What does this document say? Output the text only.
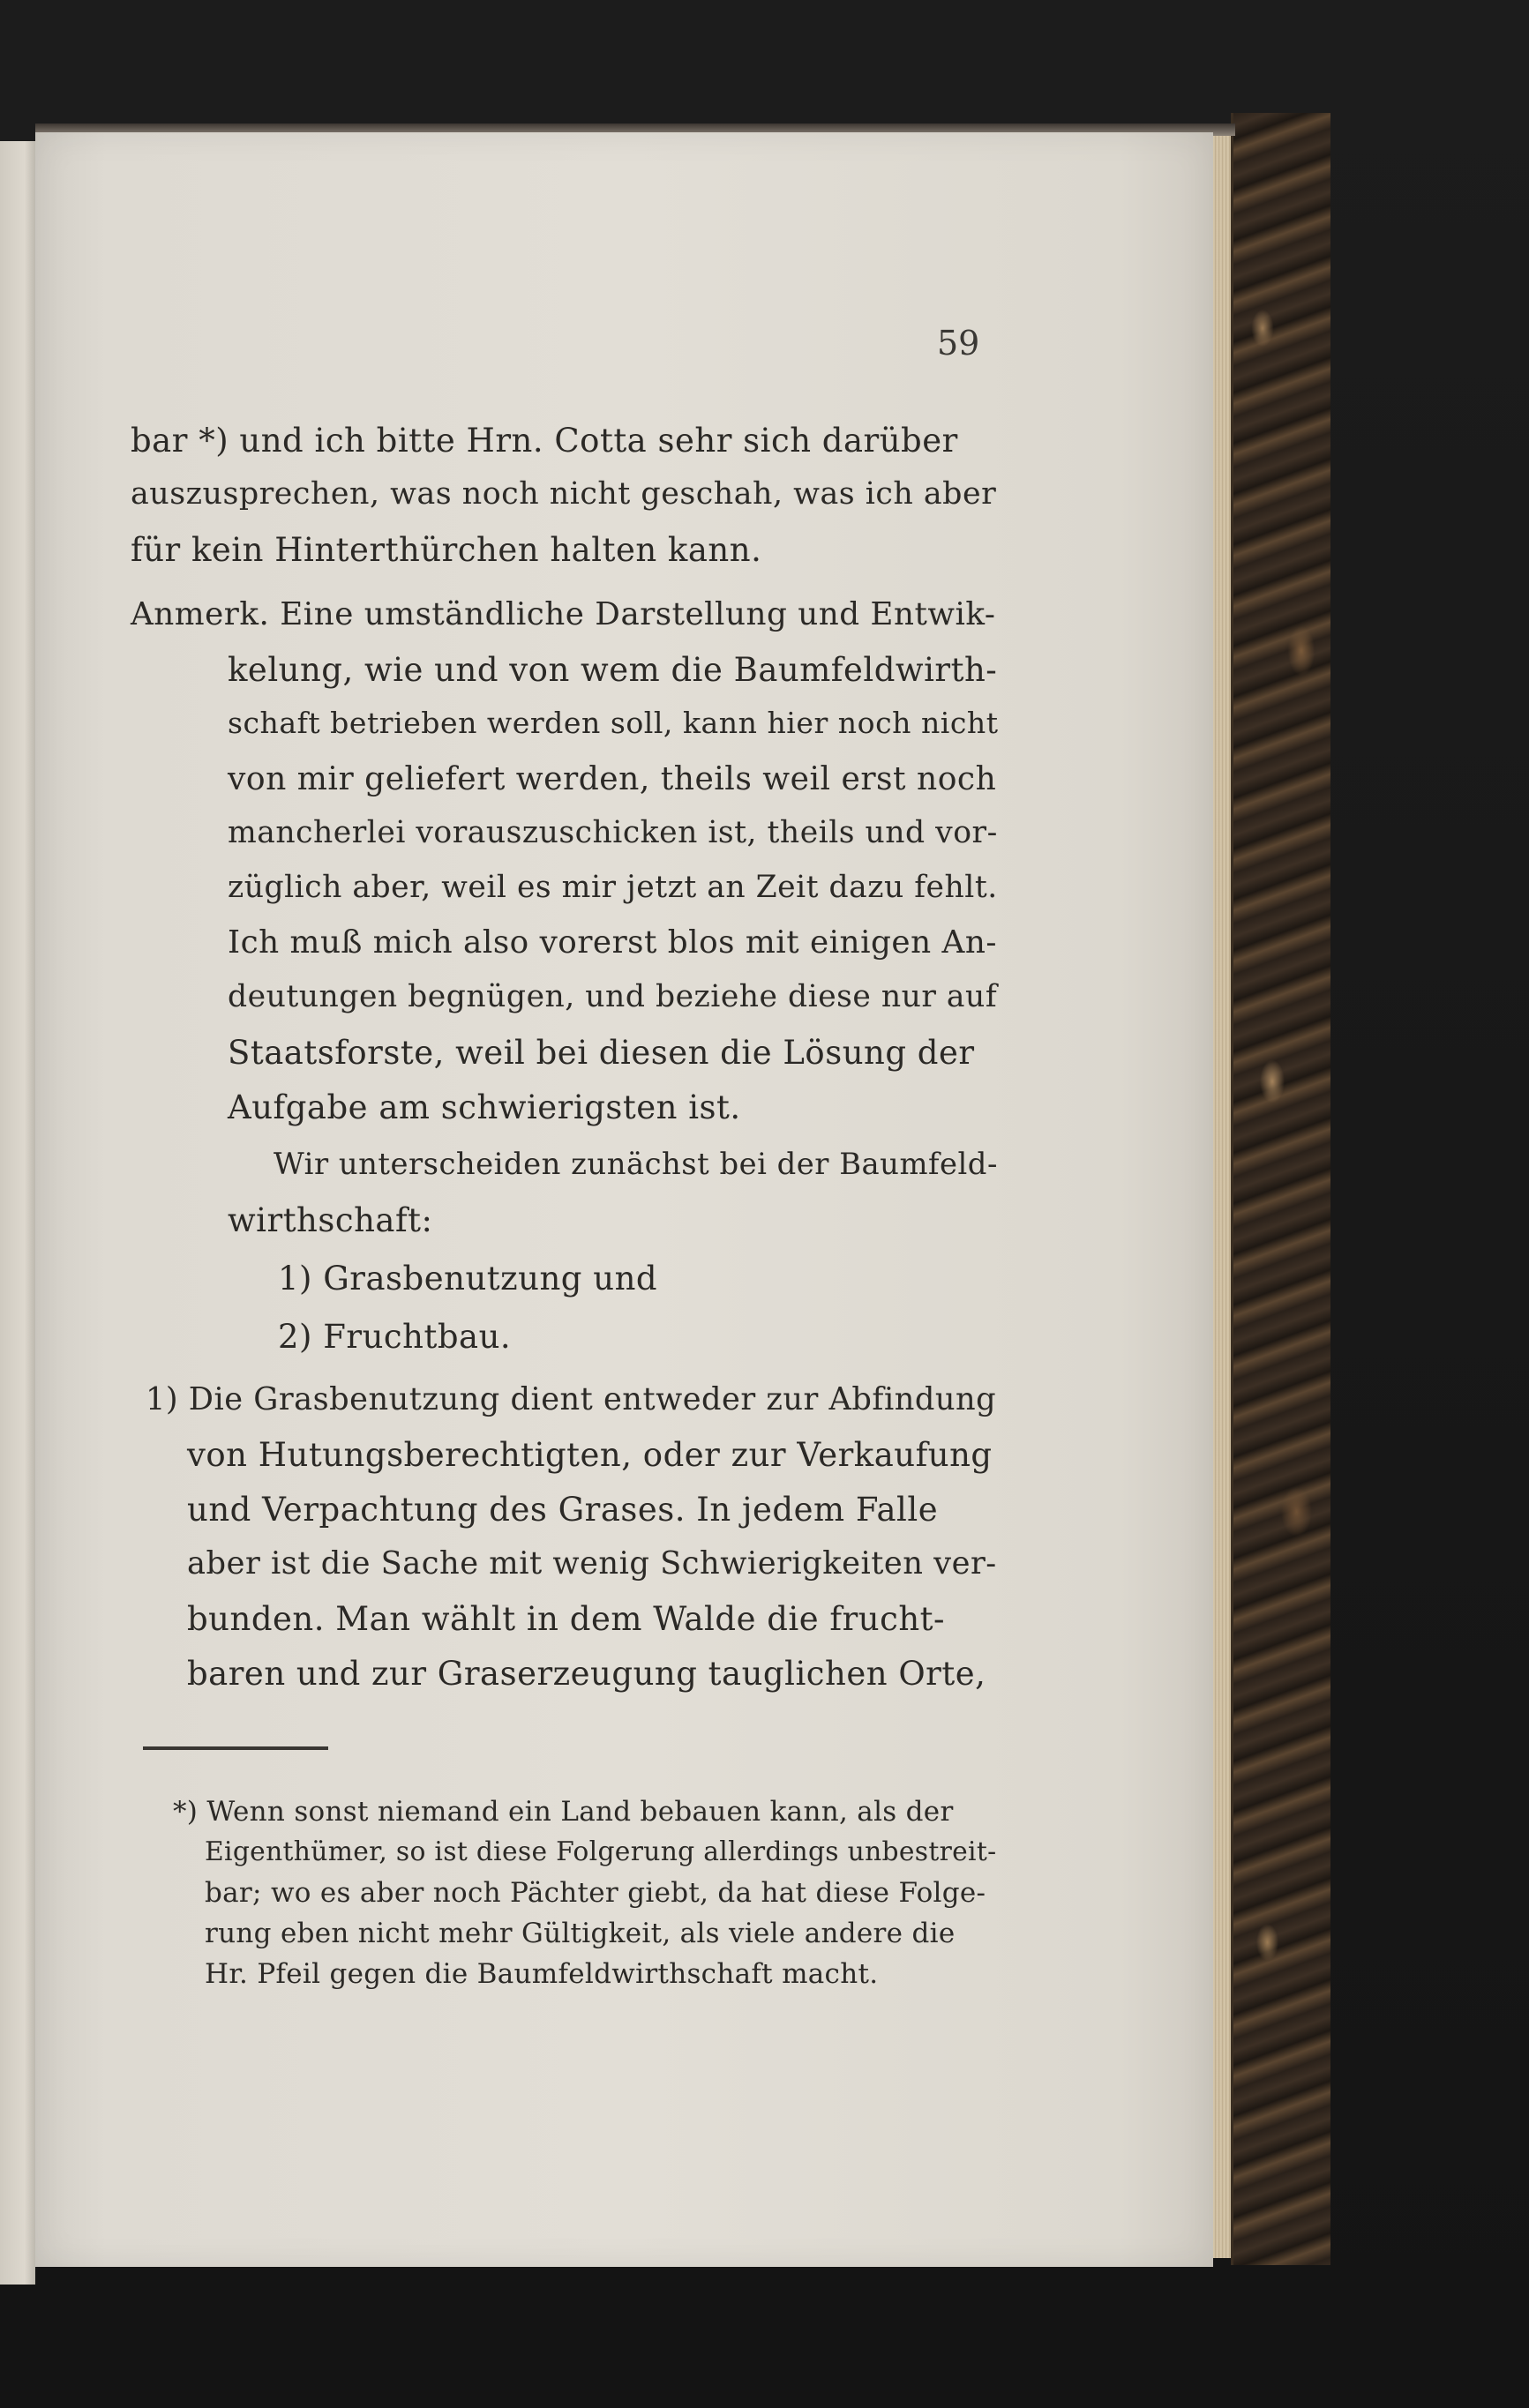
59
bar *) und ich bitte Hrn. Cotta sehr sich darüber
auszusprechen, was noch nicht geschah, was ich aber
für kein Hinterthürchen halten kann.
Anmerk. Eine umständliche Darstellung und Entwik-
kelung, wie und von wem die Baumfeldwirth-
schaft betrieben werden soll, kann hier noch nicht
von mir geliefert werden, theils weil erst noch
mancherlei vorauszuschicken ist, theils und vor-
züglich aber, weil es mir jetzt an Zeit dazu fehlt.
Ich muß mich also vorerst blos mit einigen An-
deutungen begnügen, und beziehe diese nur auf
Staatsforste, weil bei diesen die Lösung der
Aufgabe am schwierigsten ist.
Wir unterscheiden zunächst bei der Baumfeld-
wirthschaft:
1) Grasbenutzung und
2) Fruchtbau.
1) Die Grasbenutzung dient entweder zur Abfindung
von Hutungsberechtigten, oder zur Verkaufung
und Verpachtung des Grases. In jedem Falle
aber ist die Sache mit wenig Schwierigkeiten ver-
bunden. Man wählt in dem Walde die frucht-
baren und zur Graserzeugung tauglichen Orte,
*) Wenn sonst niemand ein Land bebauen kann, als der
Eigenthümer, so ist diese Folgerung allerdings unbestreit-
bar; wo es aber noch Pächter giebt, da hat diese Folge-
rung eben nicht mehr Gültigkeit, als viele andere die
Hr. Pfeil gegen die Baumfeldwirthschaft macht.
